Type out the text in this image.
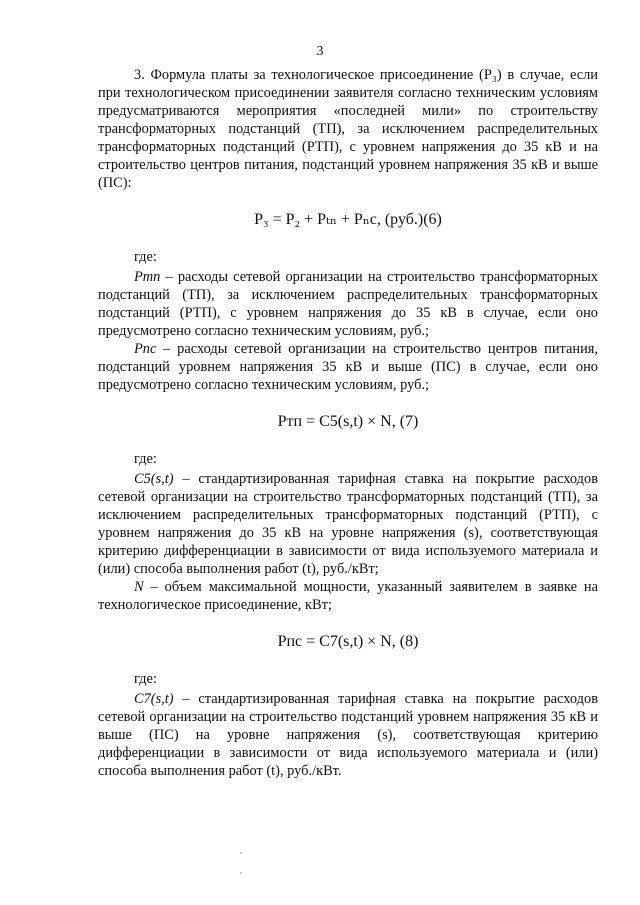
3

3. Формула платы за технологическое присоединение (P₃) в случае, если при технологическом присоединении заявителя согласно техническим условиям предусматриваются мероприятия «последней мили» по строительству трансформаторных подстанций (ТП), за исключением распределительных трансформаторных подстанций (РТП), с уровнем напряжения до 35 кВ и на строительство центров питания, подстанций уровнем напряжения 35 кВ и выше (ПС):

P₃ = P₂ + Pₜₙ + Pₙc, (руб.)(6)
где:

Pтп – расходы сетевой организации на строительство трансформаторных подстанций (ТП), за исключением распределительных трансформаторных подстанций (РТП), с уровнем напряжения до 35 кВ в случае, если оно предусмотрено согласно техническим условиям, руб.;

Pпс – расходы сетевой организации на строительство центров питания, подстанций уровнем напряжения 35 кВ и выше (ПС) в случае, если оно предусмотрено согласно техническим условиям, руб.;

Pтп = C5(s,t) × N, (7)
где:

C5(s,t) – стандартизированная тарифная ставка на покрытие расходов сетевой организации на строительство трансформаторных подстанций (ТП), за исключением распределительных трансформаторных подстанций (РТП), с уровнем напряжения до 35 кВ на уровне напряжения (s), соответствующая критерию дифференциации в зависимости от вида используемого материала и (или) способа выполнения работ (t), руб./кВт;

N – объем максимальной мощности, указанный заявителем в заявке на технологическое присоединение, кВт;

Pпс = C7(s,t) × N, (8)
где:

C7(s,t) – стандартизированная тарифная ставка на покрытие расходов сетевой организации на строительство подстанций уровнем напряжения 35 кВ и выше (ПС) на уровне напряжения (s), соответствующая критерию дифференциации в зависимости от вида используемого материала и (или) способа выполнения работ (t), руб./кВт.
